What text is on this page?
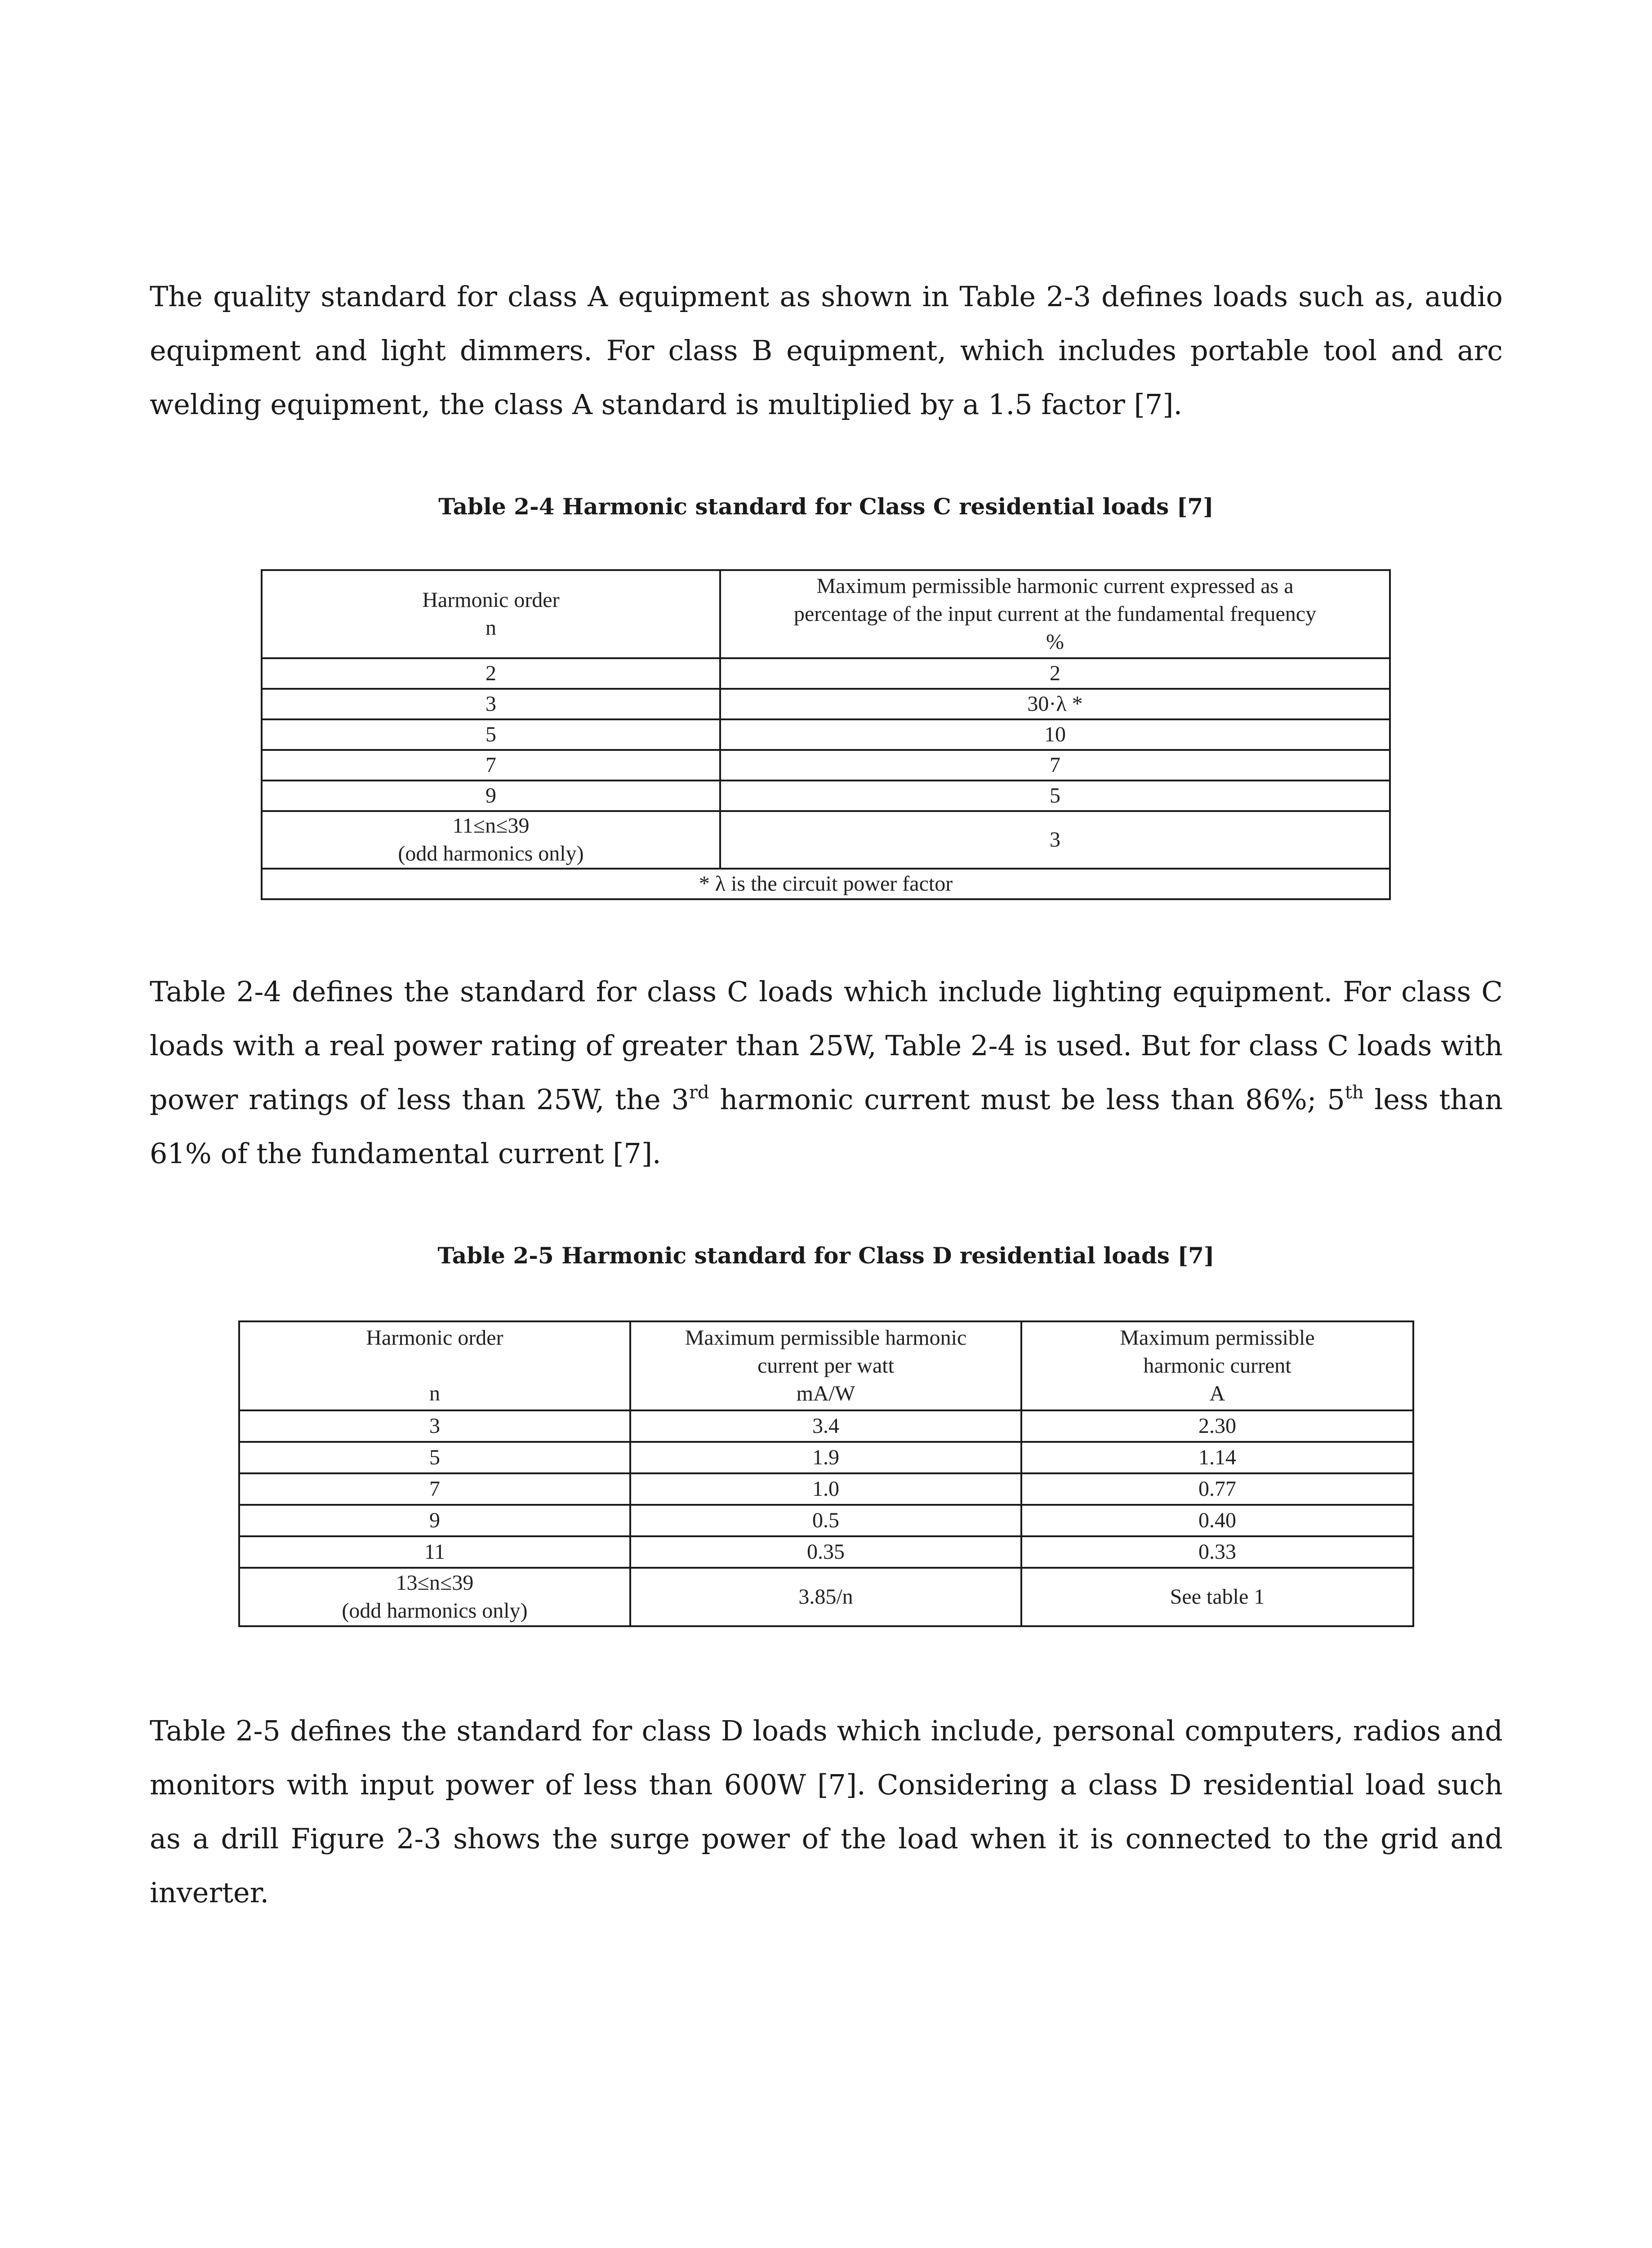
The quality standard for class A equipment as shown in Table 2-3 defines loads such as, audio equipment and light dimmers. For class B equipment, which includes portable tool and arc welding equipment, the class A standard is multiplied by a 1.5 factor [7].

Table 2-4 Harmonic standard for Class C residential loads [7]

Harmonic order
n	Maximum permissible harmonic current expressed as a
percentage of the input current at the fundamental frequency
%

2	2
3	30·λ *
5	10
7	7
9	5

11≤n≤39
(odd harmonics only)	3
* λ is the circuit power factor	

Table 2-4 defines the standard for class C loads which include lighting equipment. For class C loads with a real power rating of greater than 25W, Table 2-4 is used. But for class C loads with power ratings of less than 25W, the 3rd harmonic current must be less than 86%; 5th less than 61% of the fundamental current [7].

Table 2-5 Harmonic standard for Class D residential loads [7]

Harmonic order

n	Maximum permissible harmonic
current per watt
mA/W	Maximum permissible
harmonic current
A

3	3.4	2.30
5	1.9	1.14
7	1.0	0.77
9	0.5	0.40
11	0.35	0.33

13≤n≤39
(odd harmonics only)	3.85/n	See table 1

Table 2-5 defines the standard for class D loads which include, personal computers, radios and monitors with input power of less than 600W [7]. Considering a class D residential load such as a drill Figure 2-3 shows the surge power of the load when it is connected to the grid and inverter.
